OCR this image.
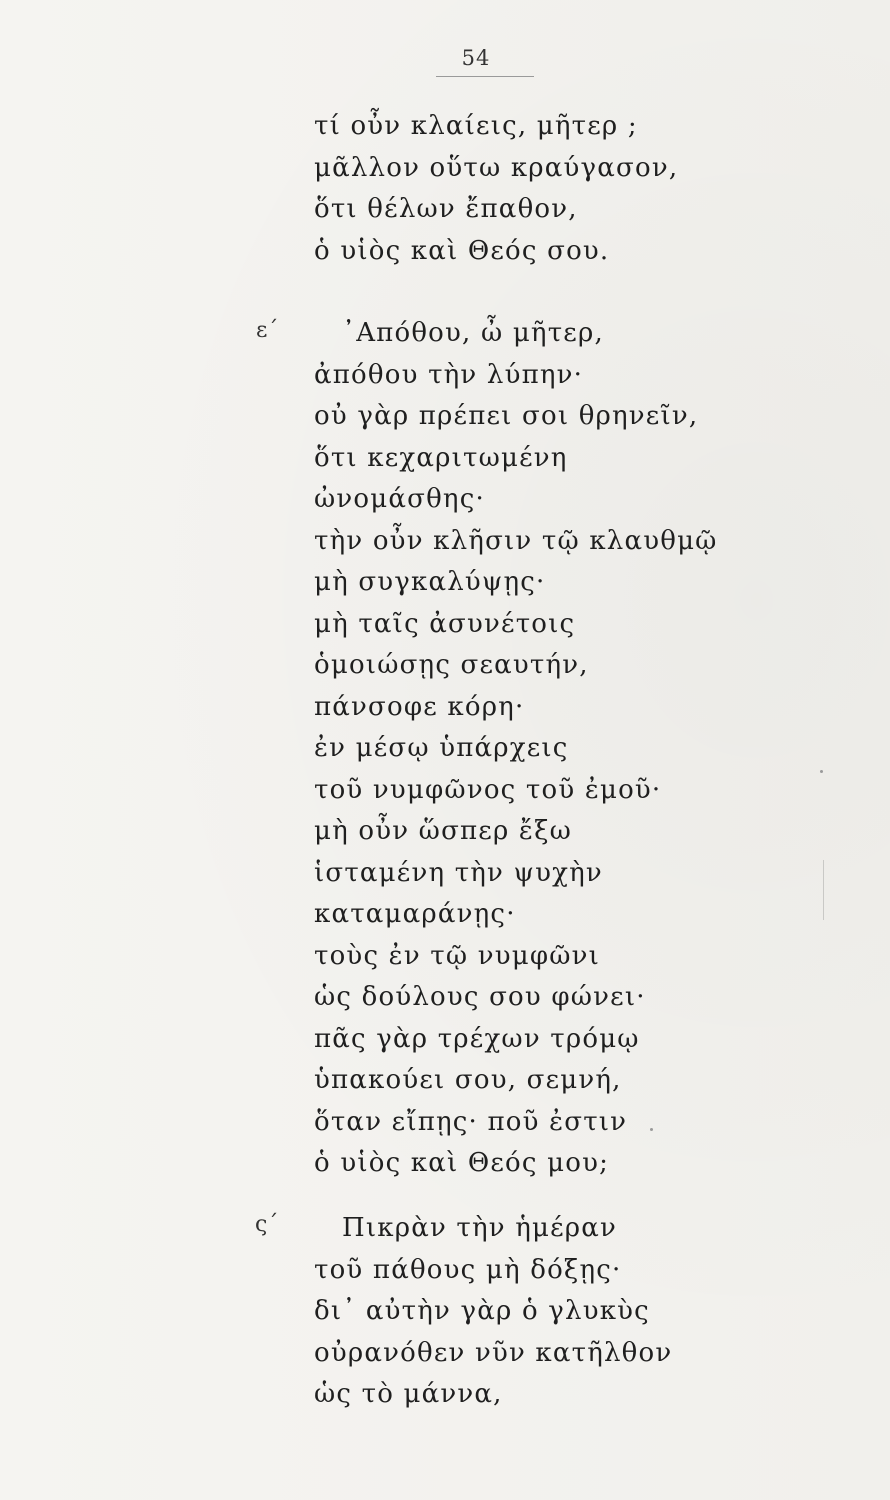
54
τί οὖν κλαίεις, μῆτερ ;
μᾶλλον οὕτω κραύγασον,
ὅτι θέλων ἔπαθον,
ὁ υἱὸς καὶ Θεός σου.
ε΄	᾿Απόθου, ὦ μῆτερ,
ἀπόθου τὴν λύπην·
οὐ γὰρ πρέπει σοι θρηνεῖν,
ὅτι κεχαριτωμένη
ὠνομάσθης·
τὴν οὖν κλῆσιν τῷ κλαυθμῷ
μὴ συγκαλύψῃς·
μὴ ταῖς ἀσυνέτοις
ὁμοιώσῃς σεαυτήν,
πάνσοφε κόρη·
ἐν μέσῳ ὑπάρχεις
τοῦ νυμφῶνος τοῦ ἐμοῦ·
μὴ οὖν ὥσπερ ἔξω
ἱσταμένη τὴν ψυχὴν
καταμαράνῃς·
τοὺς ἐν τῷ νυμφῶνι
ὡς δούλους σου φώνει·
πᾶς γὰρ τρέχων τρόμῳ
ὑπακούει σου, σεμνή,
ὅταν εἴπῃς· ποῦ ἐστιν
ὁ υἱὸς καὶ Θεός μου;
ς΄	Πικρὰν τὴν ἡμέραν
τοῦ πάθους μὴ δόξῃς·
δι᾿ αὐτὴν γὰρ ὁ γλυκὺς
οὐρανόθεν νῦν κατῆλθον
ὡς τὸ μάννα,
